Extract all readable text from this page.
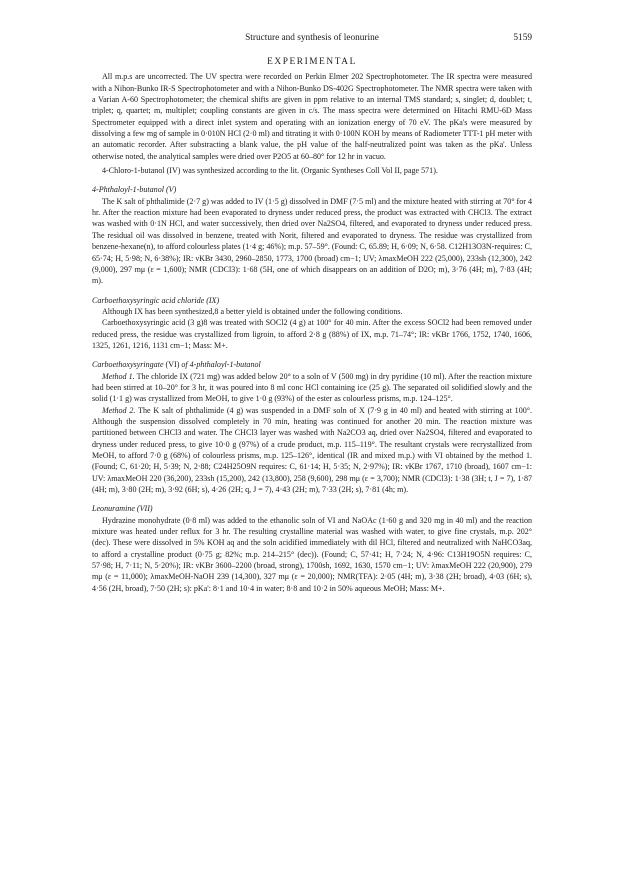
Structure and synthesis of leonurine	5159
EXPERIMENTAL

All m.p.s are uncorrected. The UV spectra were recorded on Perkin Elmer 202 Spectrophotometer. The IR spectra were measured with a Nihon-Bunko IR-S Spectrophotometer and with a Nihon-Bunko DS-402G Spectrophotometer. The NMR spectra were taken with a Varian A-60 Spectrophotometer; the chemical shifts are given in ppm relative to an internal TMS standard; s, singlet; d, doublet; t, triplet; q, quartet; m, multiplet; coupling constants are given in c/s. The mass spectra were determined on Hitachi RMU-6D Mass Spectrometer equipped with a direct inlet system and operating with an ionization energy of 70 eV. The pKa's were measured by dissolving a few mg of sample in 0·010N HCl (2·0 ml) and titrating it with 0·100N KOH by means of Radiometer TTT-1 pH meter with an automatic recorder. After substracting a blank value, the pH value of the half-neutralized point was taken as the pKa'. Unless otherwise noted, the analytical samples were dried over P2O5 at 60–80° for 12 hr in vacuo.

4-Chloro-1-butanol (IV) was synthesized according to the lit. (Organic Syntheses Coll Vol II, page 571).

4-Phthaloyl-1-butanol (V)

The K salt of phthalimide (2·7 g) was added to IV (1·5 g) dissolved in DMF (7·5 ml) and the mixture heated with stirring at 70° for 4 hr. After the reaction mixture had been evaporated to dryness under reduced press, the product was extracted with CHCl3. The extract was washed with 0·1N HCl, and water successively, then dried over Na2SO4, filtered, and evaporated to dryness under reduced press. The residual oil was dissolved in benzene, treated with Norit, filtered and evaporated to dryness. The residue was crystallized from benzene-hexane(n), to afford colourless plates (1·4 g; 46%); m.p. 57–59°. (Found: C, 65.89; H, 6·09; N, 6·58. C12H13O3N-requires: C, 65·74; H, 5·98; N, 6·38%); IR: νKBr 3430, 2960–2850, 1773, 1700 (broad) cm−1; UV; λmaxMeOH 222 (25,000), 233sh (12,300), 242 (9,000), 297 mμ (ε = 1,600); NMR (CDCl3): 1·68 (5H, one of which disappears on an addition of D2O; m), 3·76 (4H; m), 7·83 (4H; m).

Carboethoxysyringic acid chloride (IX)

Although IX has been synthesized,8 a better yield is obtained under the following conditions.

Carboethoxysyringic acid (3 g)8 was treated with SOCl2 (4 g) at 100° for 40 min. After the excess SOCl2 had been removed under reduced press, the residue was crystallized from ligroin, to afford 2·8 g (88%) of IX, m.p. 71–74°; IR: νKBr 1766, 1752, 1740, 1606, 1325, 1261, 1216, 1131 cm−1; Mass: M+.

Carboethoxysyringate (VI) of 4-phthaloyl-1-butanol

Method 1. The chloride IX (721 mg) was added below 20° to a soln of V (500 mg) in dry pyridine (10 ml). After the reaction mixture had been stirred at 10–20° for 3 hr, it was poured into 8 ml conc HCl containing ice (25 g). The separated oil solidified slowly and the solid (1·1 g) was crystallized from MeOH, to give 1·0 g (93%) of the ester as colourless prisms, m.p. 124–125°.

Method 2. The K salt of phthalimide (4 g) was suspended in a DMF soln of X (7·9 g in 40 ml) and heated with stirring at 100°. Although the suspension dissolved completely in 70 min, heating was continued for another 20 min. The reaction mixture was partitioned between CHCl3 and water. The CHCl3 layer was washed with Na2CO3 aq, dried over Na2SO4, filtered and evaporated to dryness under reduced press, to give 10·0 g (97%) of a crude product, m.p. 115–119°. The resultant crystals were recrystallized from MeOH, to afford 7·0 g (68%) of colourless prisms, m.p. 125–126°, identical (IR and mixed m.p.) with VI obtained by the method 1. (Found; C, 61·20; H, 5·39; N, 2·88; C24H25O9N requires: C, 61·14; H, 5·35; N, 2·97%); IR: νKBr 1767, 1710 (broad), 1607 cm−1: UV: λmaxMeOH 220 (36,200), 233sh (15,200), 242 (13,800), 258 (9,600), 298 mμ (ε = 3,700); NMR (CDCl3): 1·38 (3H; t, J = 7), 1·87 (4H; m), 3·80 (2H; m), 3·92 (6H; s), 4·26 (2H; q, J = 7), 4·43 (2H; m), 7·33 (2H; s), 7·81 (4h; m).

Leonuramine (VII)

Hydrazine monohydrate (0·8 ml) was added to the ethanolic soln of VI and NaOAc (1·60 g and 320 mg in 40 ml) and the reaction mixture was heated under reflux for 3 hr. The resulting crystalline material was washed with water, to give fine crystals, m.p. 202° (dec). These were dissolved in 5% KOH aq and the soln acidified immediately with dil HCl, filtered and neutralized with NaHCO3aq, to afford a crystalline product (0·75 g; 82%; m.p. 214–215° (dec)). (Found; C, 57·41; H, 7·24; N, 4·96: C13H19O5N requires: C, 57·98; H, 7·11; N, 5·20%); IR: νKBr 3600–2200 (broad, strong), 1700sh, 1692, 1630, 1570 cm−1; UV: λmaxMeOH 222 (20,900), 279 mμ (ε = 11,000); λmaxMeOH-NaOH 239 (14,300), 327 mμ (ε = 20,000); NMR(TFA): 2·05 (4H; m), 3·38 (2H; broad), 4·03 (6H; s), 4·56 (2H, broad), 7·50 (2H; s): pKa': 8·1 and 10·4 in water; 8·8 and 10·2 in 50% aqueous MeOH; Mass: M+.
